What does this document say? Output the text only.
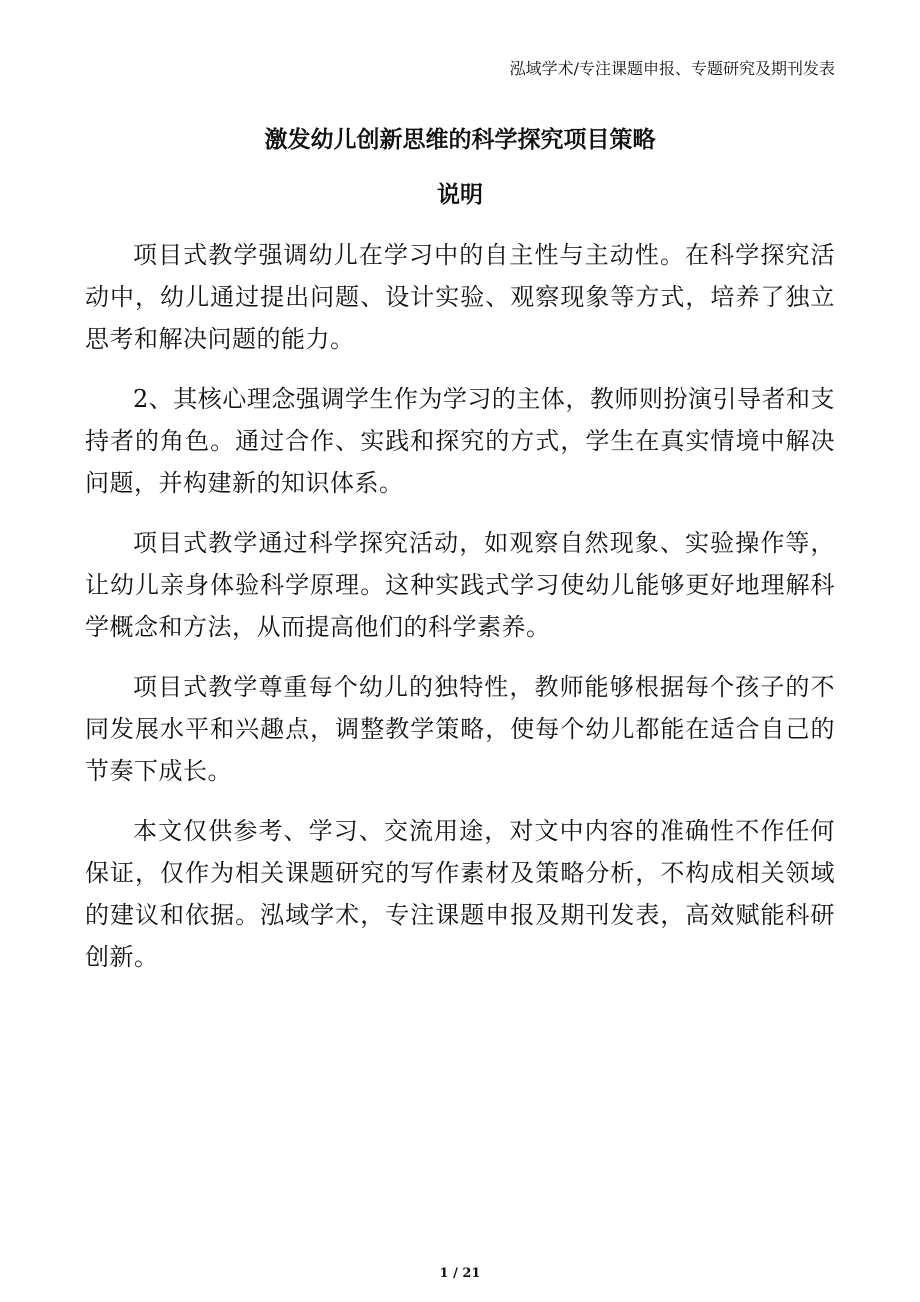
泓域学术/专注课题申报、专题研究及期刊发表
激发幼儿创新思维的科学探究项目策略
说明

项目式教学强调幼儿在学习中的自主性与主动性。在科学探究活动中，幼儿通过提出问题、设计实验、观察现象等方式，培养了独立思考和解决问题的能力。

2、其核心理念强调学生作为学习的主体，教师则扮演引导者和支持者的角色。通过合作、实践和探究的方式，学生在真实情境中解决问题，并构建新的知识体系。

项目式教学通过科学探究活动，如观察自然现象、实验操作等，让幼儿亲身体验科学原理。这种实践式学习使幼儿能够更好地理解科学概念和方法，从而提高他们的科学素养。

项目式教学尊重每个幼儿的独特性，教师能够根据每个孩子的不同发展水平和兴趣点，调整教学策略，使每个幼儿都能在适合自己的节奏下成长。

本文仅供参考、学习、交流用途，对文中内容的准确性不作任何保证，仅作为相关课题研究的写作素材及策略分析，不构成相关领域的建议和依据。泓域学术，专注课题申报及期刊发表，高效赋能科研创新。

1 / 21
